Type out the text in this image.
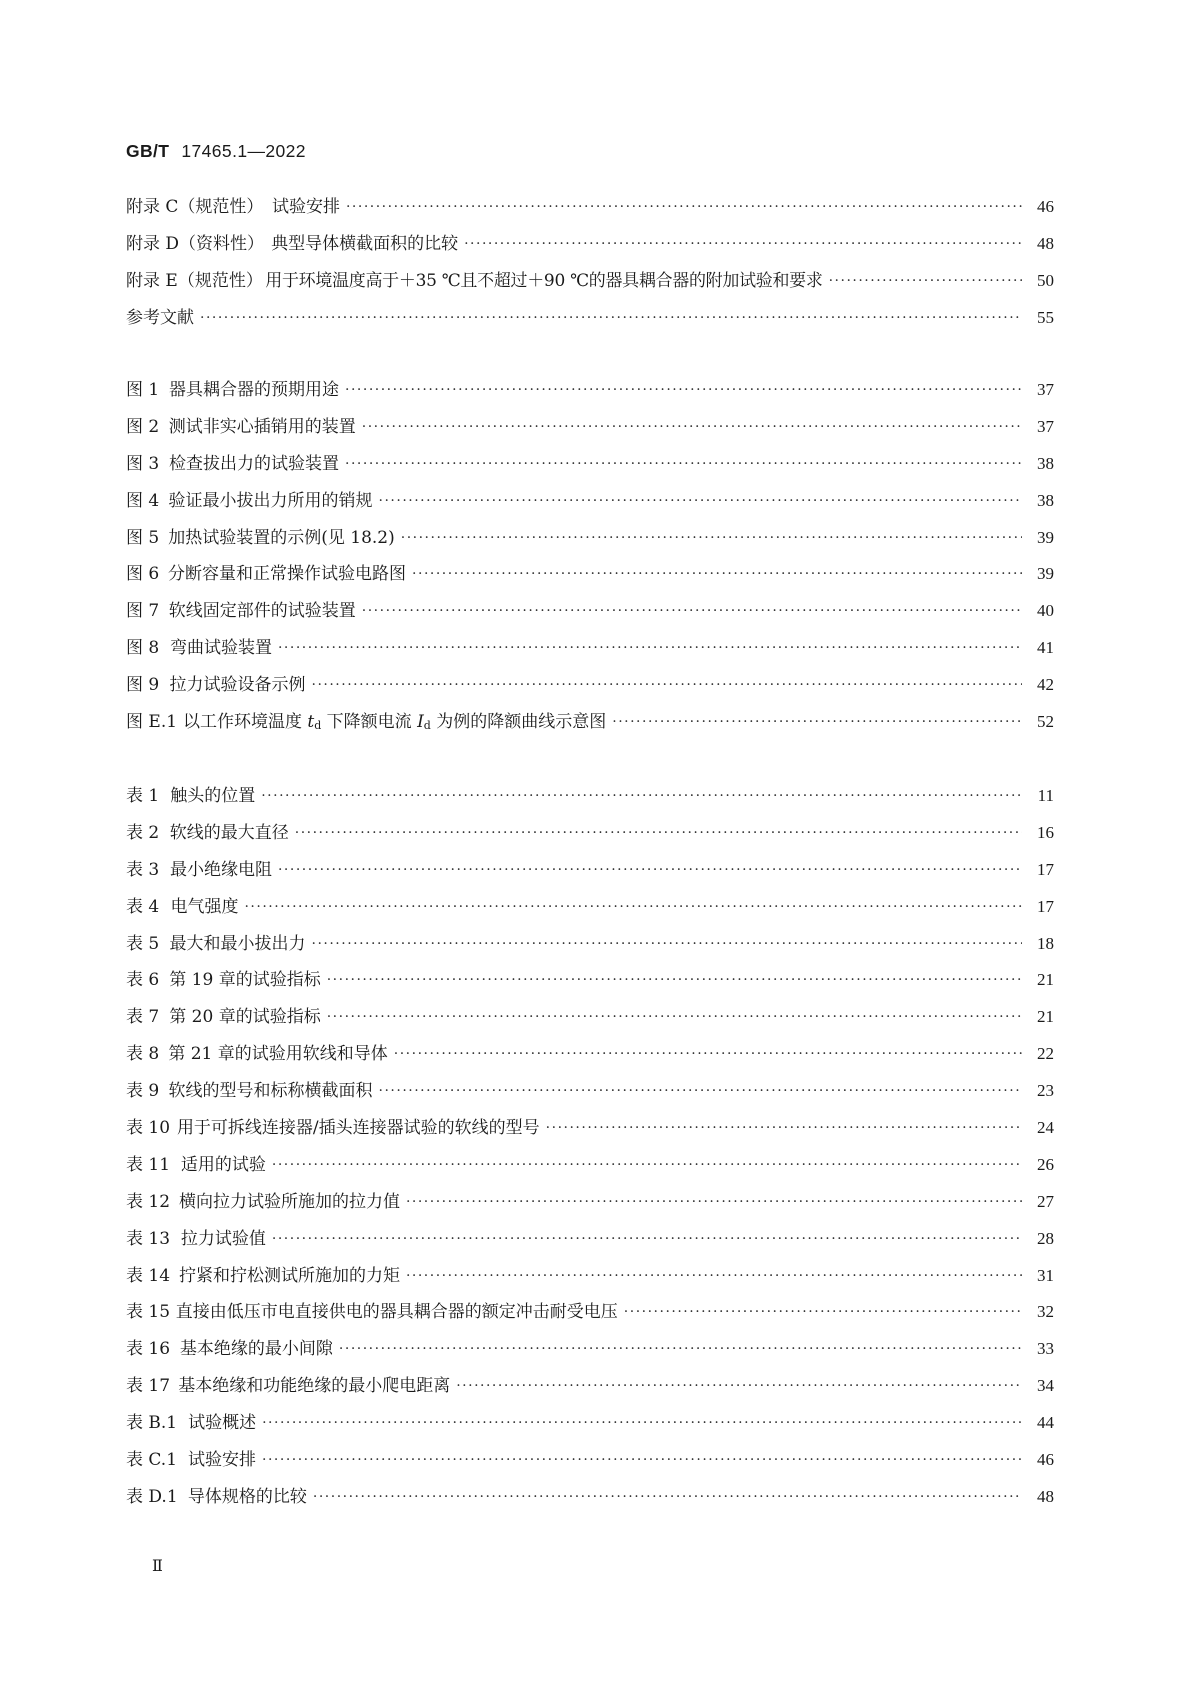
GB/T 17465.1—2022
附录 C（规范性） 试验安排 ·····	46
附录 D（资料性） 典型导体横截面积的比较 ·····	48
附录 E（规范性） 用于环境温度高于＋35 ℃且不超过＋90 ℃的器具耦合器的附加试验和要求 ·····	50
参考文献 ·····	55
图 1 器具耦合器的预期用途 ·····	37
图 2 测试非实心插销用的装置 ·····	37
图 3 检查拔出力的试验装置 ·····	38
图 4 验证最小拔出力所用的销规 ·····	38
图 5 加热试验装置的示例(见 18.2) ·····	39
图 6 分断容量和正常操作试验电路图 ·····	39
图 7 软线固定部件的试验装置 ·····	40
图 8 弯曲试验装置 ·····	41
图 9 拉力试验设备示例 ·····	42
图 E.1 以工作环境温度 td 下降额电流 Id 为例的降额曲线示意图 ·····	52
表 1 触头的位置 ·····	11
表 2 软线的最大直径 ·····	16
表 3 最小绝缘电阻 ·····	17
表 4 电气强度 ·····	17
表 5 最大和最小拔出力 ·····	18
表 6 第 19 章的试验指标 ·····	21
表 7 第 20 章的试验指标 ·····	21
表 8 第 21 章的试验用软线和导体 ·····	22
表 9 软线的型号和标称横截面积 ·····	23
表 10 用于可拆线连接器/插头连接器试验的软线的型号 ·····	24
表 11 适用的试验 ·····	26
表 12 横向拉力试验所施加的拉力值 ·····	27
表 13 拉力试验值 ·····	28
表 14 拧紧和拧松测试所施加的力矩 ·····	31
表 15 直接由低压市电直接供电的器具耦合器的额定冲击耐受电压 ·····	32
表 16 基本绝缘的最小间隙 ·····	33
表 17 基本绝缘和功能绝缘的最小爬电距离 ·····	34
表 B.1 试验概述 ·····	44
表 C.1 试验安排 ·····	46
表 D.1 导体规格的比较 ·····	48
Ⅱ
